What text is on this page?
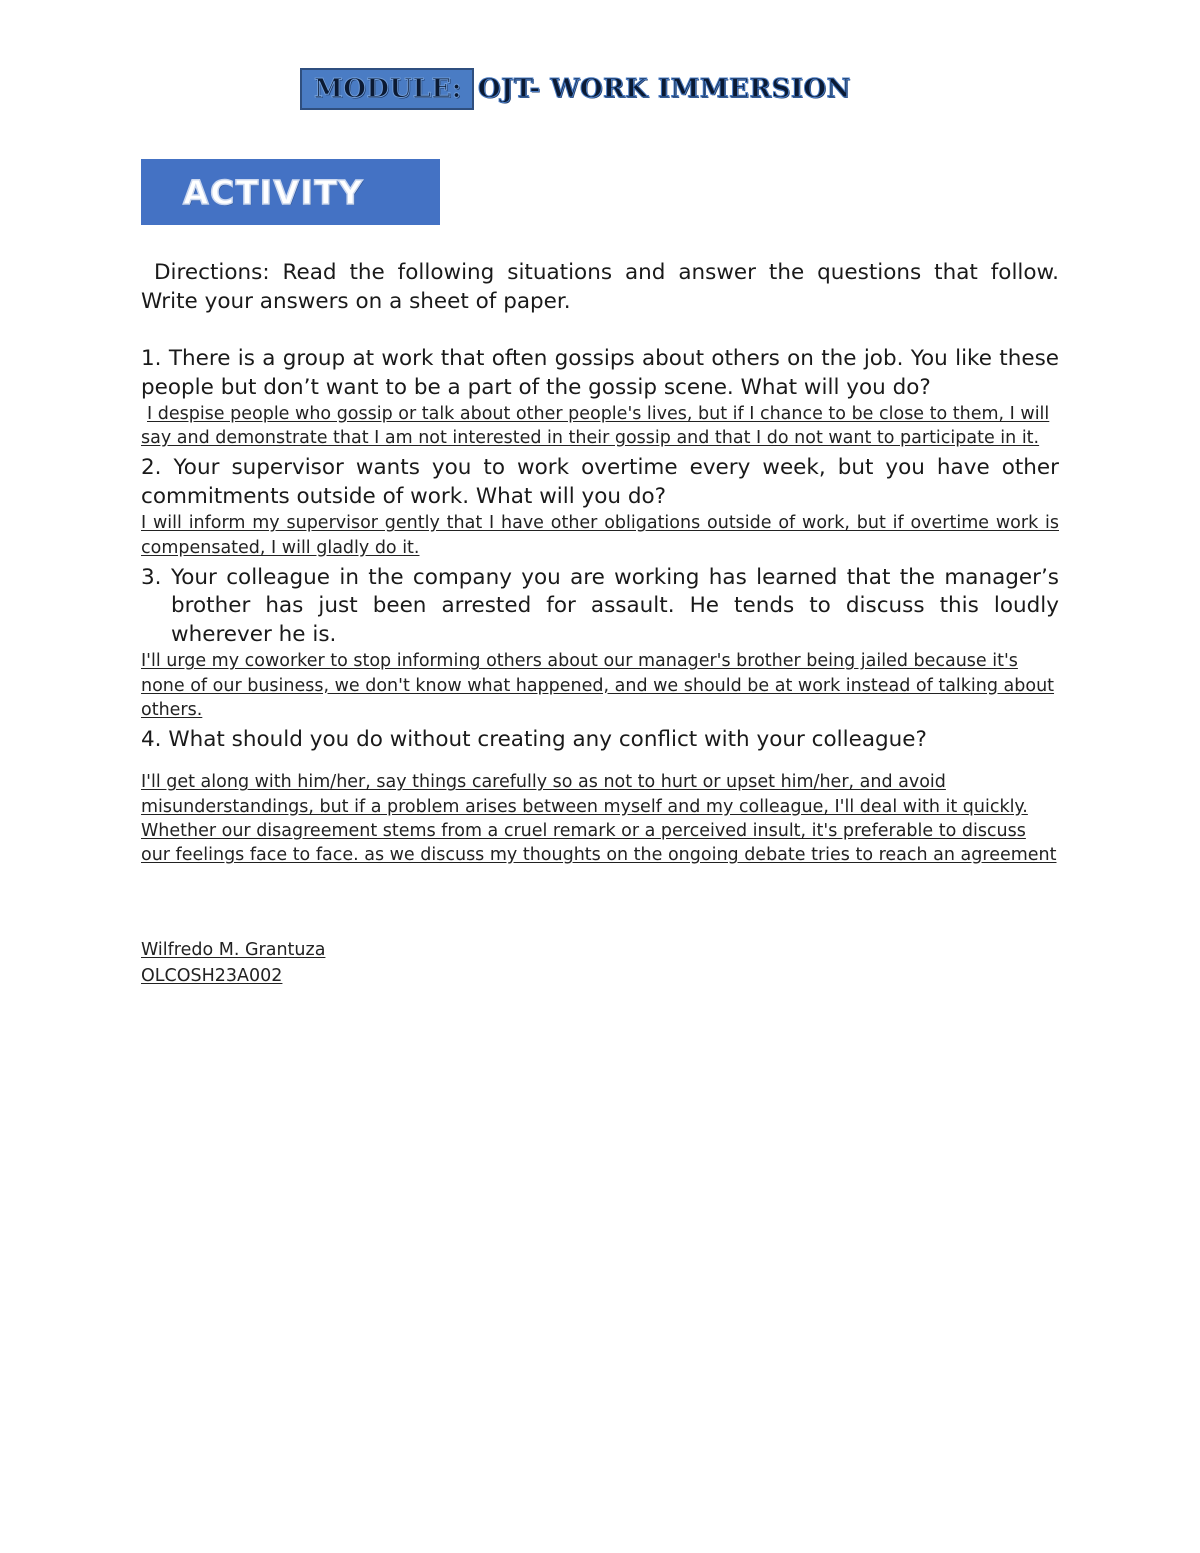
MODULE: OJT- WORK IMMERSION
ACTIVITY

Directions: Read the following situations and answer the questions that follow. Write your answers on a sheet of paper.

1. There is a group at work that often gossips about others on the job. You like these people but don’t want to be a part of the gossip scene. What will you do?

I despise people who gossip or talk about other people's lives, but if I chance to be close to them, I will say and demonstrate that I am not interested in their gossip and that I do not want to participate in it.

2. Your supervisor wants you to work overtime every week, but you have other commitments outside of work. What will you do?

I will inform my supervisor gently that I have other obligations outside of work, but if overtime work is compensated, I will gladly do it.

3. Your colleague in the company you are working has learned that the manager’s brother has just been arrested for assault. He tends to discuss this loudly wherever he is.

I'll urge my coworker to stop informing others about our manager's brother being jailed because it's none of our business, we don't know what happened, and we should be at work instead of talking about others.

4. What should you do without creating any conflict with your colleague?

I'll get along with him/her, say things carefully so as not to hurt or upset him/her, and avoid misunderstandings, but if a problem arises between myself and my colleague, I'll deal with it quickly. Whether our disagreement stems from a cruel remark or a perceived insult, it's preferable to discuss our feelings face to face. as we discuss my thoughts on the ongoing debate tries to reach an agreement

Wilfredo M. Grantuza
OLCOSH23A002
